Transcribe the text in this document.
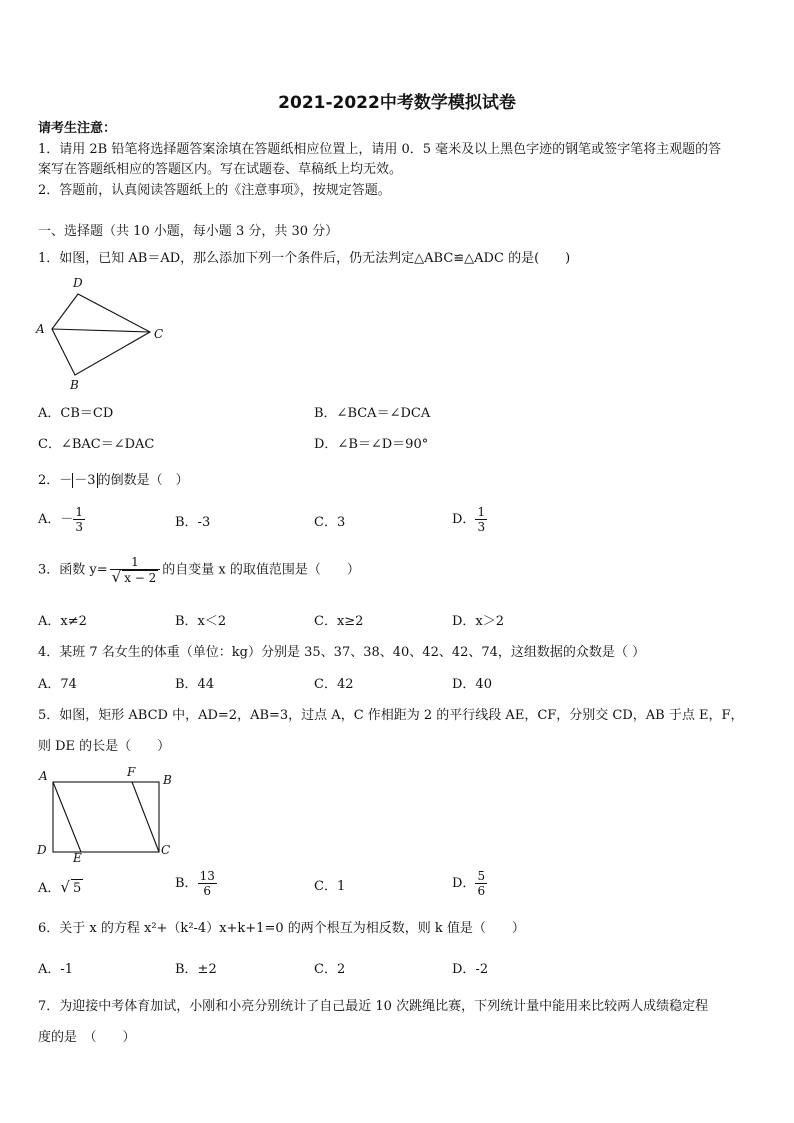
2021-2022中考数学模拟试卷
请考生注意：
1．请用 2B 铅笔将选择题答案涂填在答题纸相应位置上，请用 0．5 毫米及以上黑色字迹的钢笔或签字笔将主观题的答
案写在答题纸相应的答题区内。写在试题卷、草稿纸上均无效。
2．答题前，认真阅读答题纸上的《注意事项》，按规定答题。
一、选择题（共 10 小题，每小题 3 分，共 30 分）
1．如图，已知 AB＝AD，那么添加下列一个条件后，仍无法判定△ABC≌△ADC 的是(　　)
D
A	C
B
A．CB＝CD	B．∠BCA＝∠DCA
C．∠BAC＝∠DAC	D．∠B＝∠D＝90°
2．－ －3 的倒数是（　）
A．－ $\frac{1}{3}$	B．-3	C．3	D． $\frac{1}{3}$
3．函数 $y= \frac{1}{√ x - 2}$ 的自变量 x 的取值范围是（　　）
A．x≠2	B．x＜2	C．x≥2	D．x＞2
4．某班 7 名女生的体重（单位：kg）分别是 35、37、38、40、42、42、74，这组数据的众数是（ ）
A．74	B．44	C．42	D．40
5．如图，矩形 ABCD 中，AD=2，AB=3，过点 A，C 作相距为 2 的平行线段 AE，CF，分别交 CD，AB 于点 E，F，
则 DE 的长是（　　）
A	F
B
D
E
C
A．√ 5	B． $\frac{13}{6}$	C．1	D． $\frac{5}{6}$
6．关于 x 的方程 x²+（k²-4）x+k+1=0 的两个根互为相反数，则 k 值是（　　）
A．-1	B．±2	C．2	D．-2
7．为迎接中考体育加试，小刚和小亮分别统计了自己最近 10 次跳绳比赛，下列统计量中能用来比较两人成绩稳定程
度的是　（　　）
